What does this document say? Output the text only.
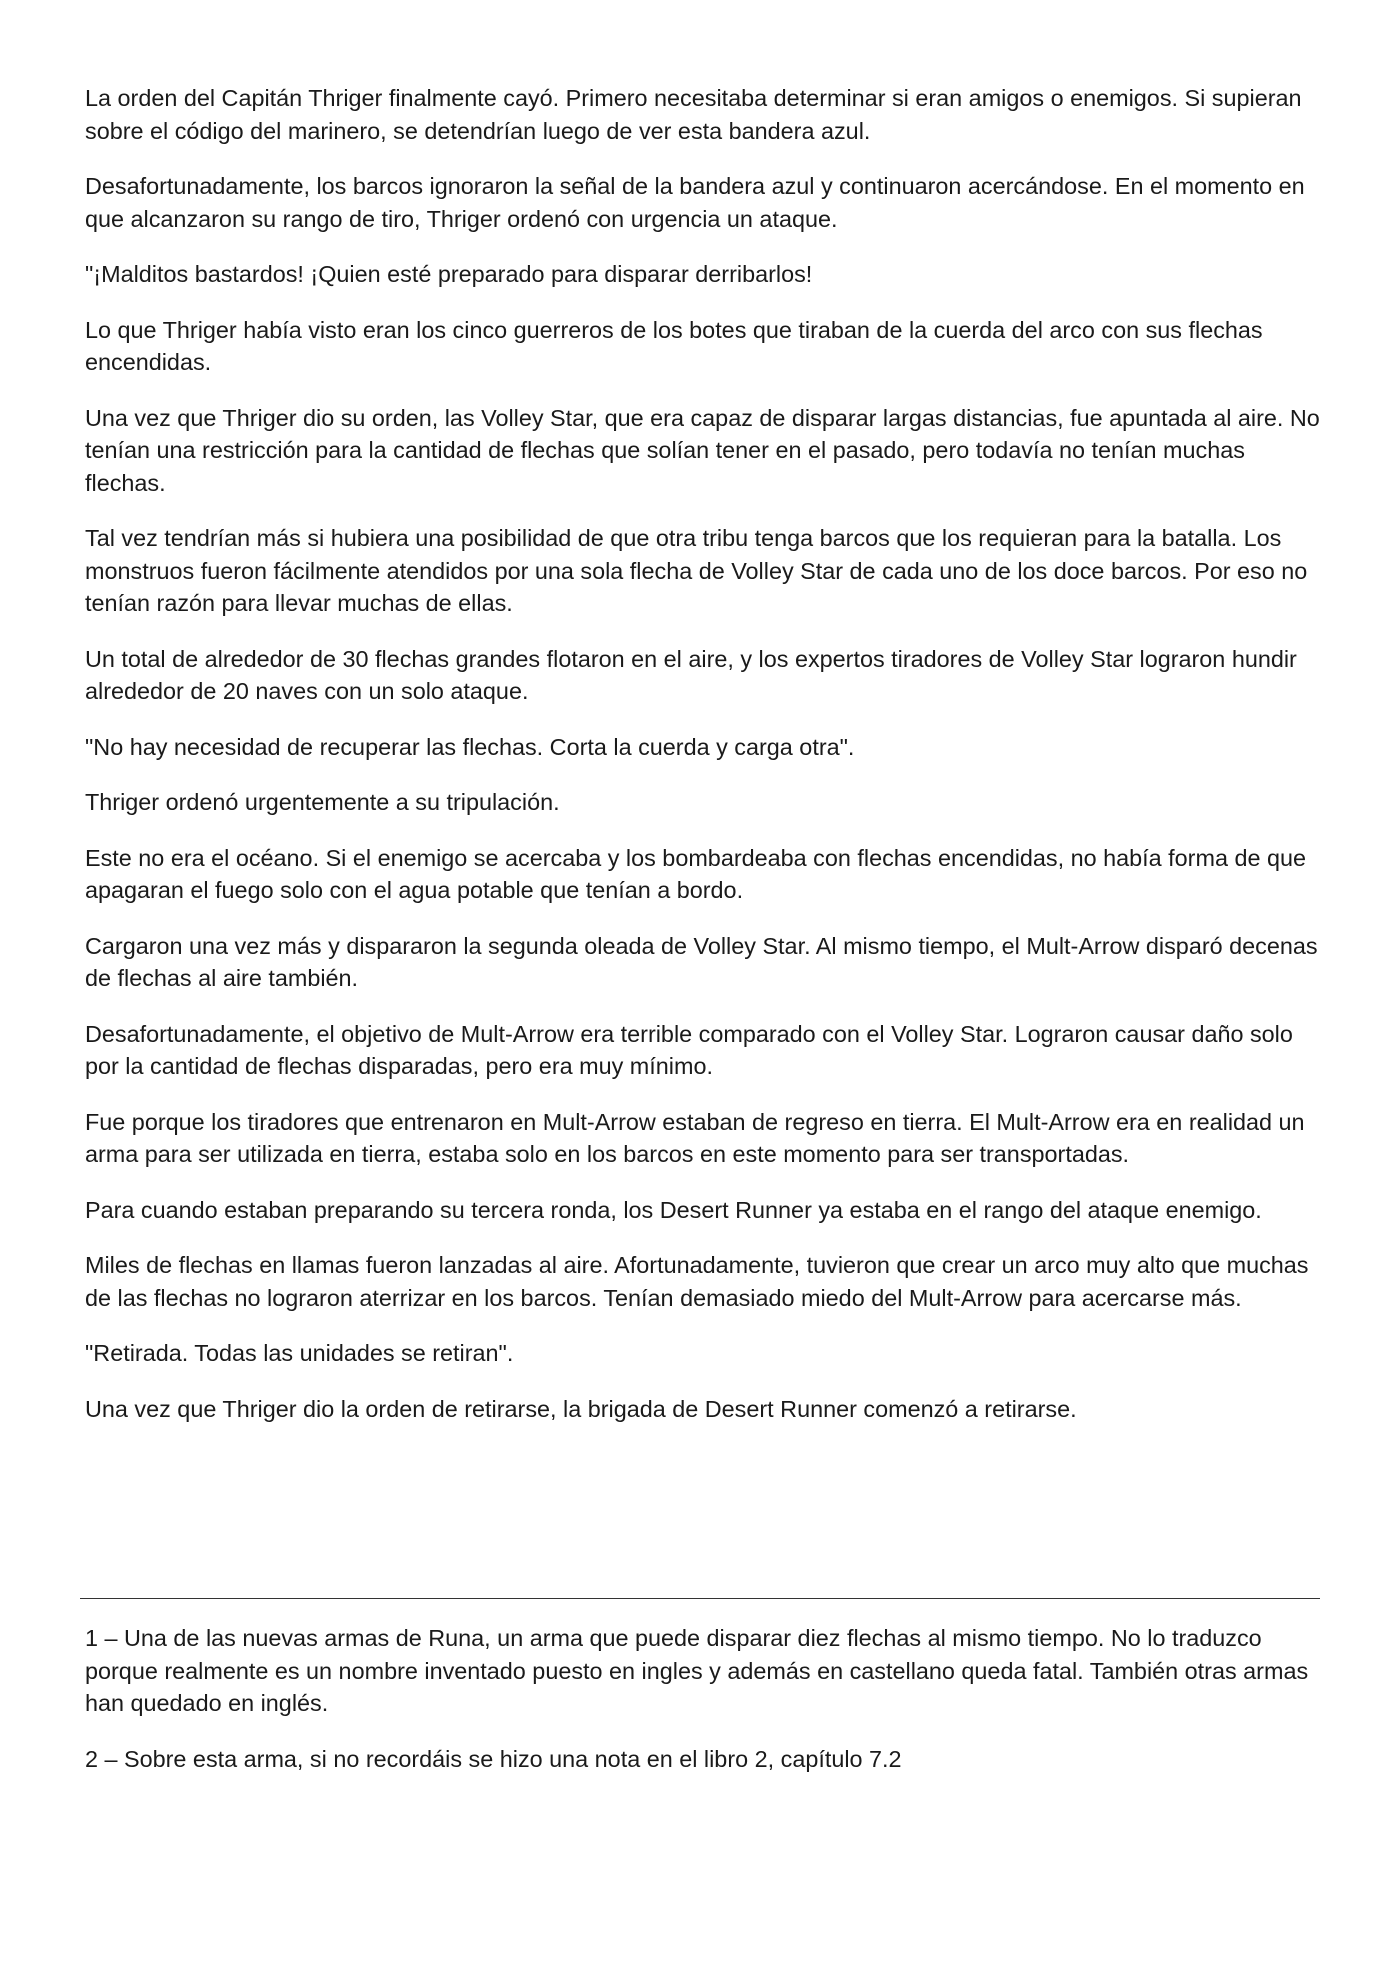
La orden del Capitán Thriger finalmente cayó. Primero necesitaba determinar si eran amigos o enemigos. Si supieran sobre el código del marinero, se detendrían luego de ver esta bandera azul.

Desafortunadamente, los barcos ignoraron la señal de la bandera azul y continuaron acercándose. En el momento en que alcanzaron su rango de tiro, Thriger ordenó con urgencia un ataque.

"¡Malditos bastardos! ¡Quien esté preparado para disparar derribarlos!

Lo que Thriger había visto eran los cinco guerreros de los botes que tiraban de la cuerda del arco con sus flechas encendidas.

Una vez que Thriger dio su orden, las Volley Star, que era capaz de disparar largas distancias, fue apuntada al aire. No tenían una restricción para la cantidad de flechas que solían tener en el pasado, pero todavía no tenían muchas flechas.

Tal vez tendrían más si hubiera una posibilidad de que otra tribu tenga barcos que los requieran para la batalla. Los monstruos fueron fácilmente atendidos por una sola flecha de Volley Star de cada uno de los doce barcos. Por eso no tenían razón para llevar muchas de ellas.

Un total de alrededor de 30 flechas grandes flotaron en el aire, y los expertos tiradores de Volley Star lograron hundir alrededor de 20 naves con un solo ataque.

"No hay necesidad de recuperar las flechas. Corta la cuerda y carga otra".

Thriger ordenó urgentemente a su tripulación.

Este no era el océano. Si el enemigo se acercaba y los bombardeaba con flechas encendidas, no había forma de que apagaran el fuego solo con el agua potable que tenían a bordo.

Cargaron una vez más y dispararon la segunda oleada de Volley Star. Al mismo tiempo, el Mult-Arrow disparó decenas de flechas al aire también.

Desafortunadamente, el objetivo de Mult-Arrow era terrible comparado con el Volley Star. Lograron causar daño solo por la cantidad de flechas disparadas, pero era muy mínimo.

Fue porque los tiradores que entrenaron en Mult-Arrow estaban de regreso en tierra. El Mult-Arrow era en realidad un arma para ser utilizada en tierra, estaba solo en los barcos en este momento para ser transportadas.

Para cuando estaban preparando su tercera ronda, los Desert Runner ya estaba en el rango del ataque enemigo.

Miles de flechas en llamas fueron lanzadas al aire. Afortunadamente, tuvieron que crear un arco muy alto que muchas de las flechas no lograron aterrizar en los barcos. Tenían demasiado miedo del Mult-Arrow para acercarse más.

"Retirada. Todas las unidades se retiran".

Una vez que Thriger dio la orden de retirarse, la brigada de Desert Runner comenzó a retirarse.

1 – Una de las nuevas armas de Runa, un arma que puede disparar diez flechas al mismo tiempo. No lo traduzco porque realmente es un nombre inventado puesto en ingles y además en castellano queda fatal. También otras armas han quedado en inglés.

2 – Sobre esta arma, si no recordáis se hizo una nota en el libro 2, capítulo 7.2
